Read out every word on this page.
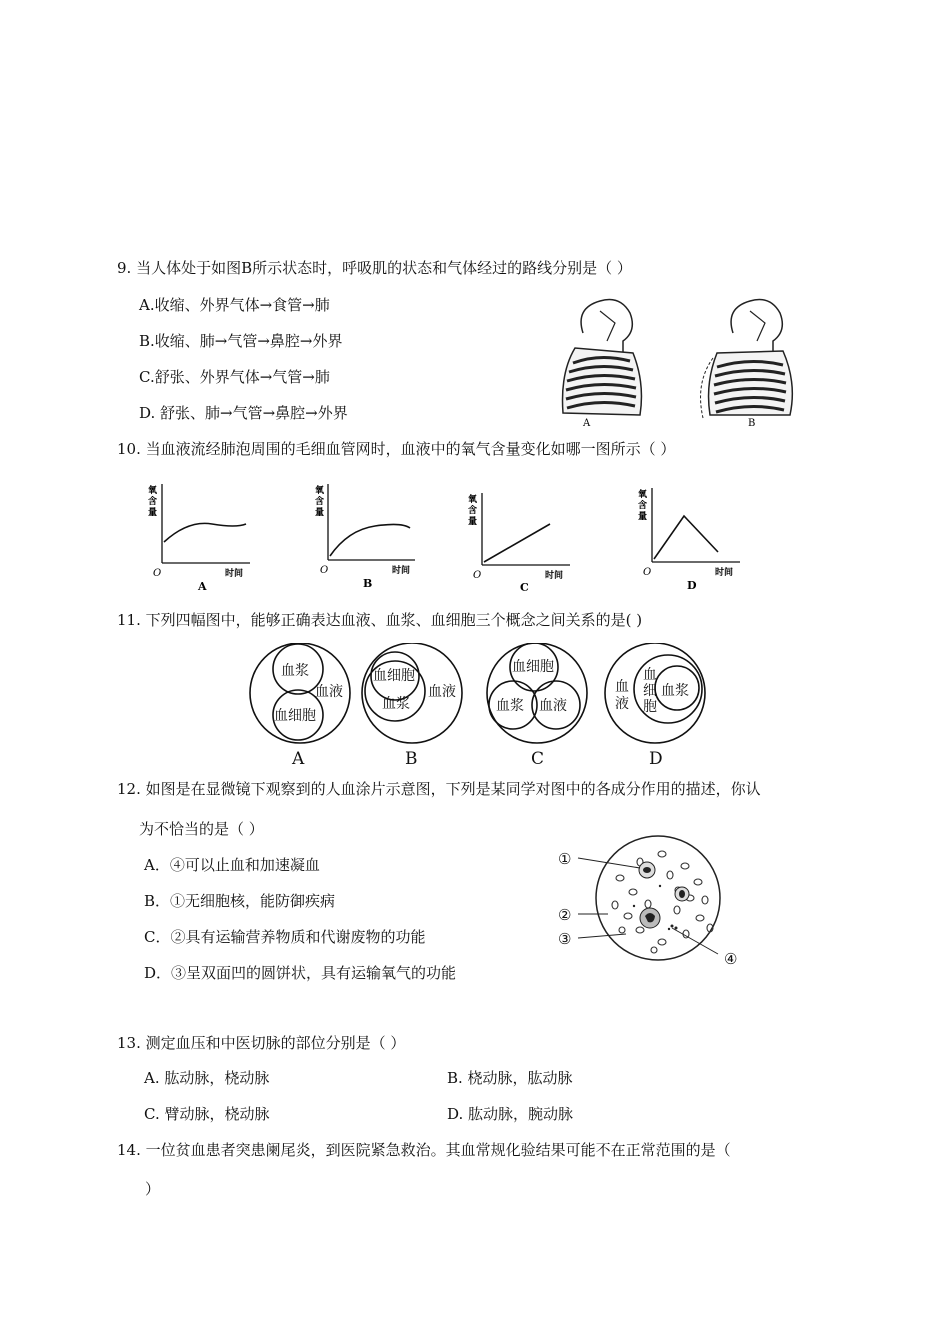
9. 当人体处于如图B所示状态时，呼吸肌的状态和气体经过的路线分别是（ ）
A.收缩、外界气体→食管→肺
B.收缩、肺→气管→鼻腔→外界
C.舒张、外界气体→气管→肺
D. 舒张、肺→气管→鼻腔→外界
A	B
10. 当血液流经肺泡周围的毛细血管网时，血液中的氧气含量变化如哪一图所示（ ）
氧
含
量
O	时间
A
氧
含
量
O	时间
B
氧
含
量
O	时间
C
氧
含
量
O	时间
D
11. 下列四幅图中，能够正确表达血液、血浆、血细胞三个概念之间关系的是( )
血浆
血液
血细胞
A
血细胞
血浆
血液
B
血细胞
血浆 血液
C
血
液
血
细
胞
血浆
D
12. 如图是在显微镜下观察到的人血涂片示意图，下列是某同学对图中的各成分作用的描述，你认
为不恰当的是（ ）
A．④可以止血和加速凝血
B．①无细胞核，能防御疾病
C．②具有运输营养物质和代谢废物的功能
D．③呈双面凹的圆饼状，具有运输氧气的功能
①
②
③
④
13. 测定血压和中医切脉的部位分别是（ ）
A. 肱动脉，桡动脉	B. 桡动脉，肱动脉
C. 臂动脉，桡动脉	D. 肱动脉，腕动脉
14. 一位贫血患者突患阑尾炎，到医院紧急救治。其血常规化验结果可能不在正常范围的是（
）
